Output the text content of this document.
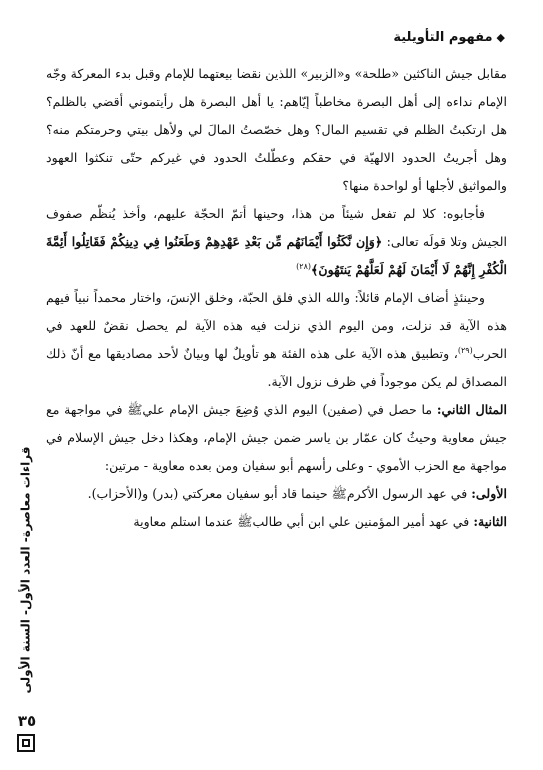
◆مفهوم التأويلية

مقابل جيش الناكثين «طلحة» و«الزبير» اللذين نقضا بيعتهما للإمام وقبل بدء المعركة وجّه الإمام نداءه إلى أهل البصرة مخاطباً إيّاهم: يا أهل البصرة هل رأيتموني أقضي بالظلم؟ هل ارتكبتُ الظلم في تقسيم المال؟ وهل خصّصتُ المالَ لي ولأهل بيتي وحرمتكم منه؟ وهل أجريتُ الحدود الالهيّة في حقكم وعطّلتُ الحدود في غيركم حتّى تنكثوا العهود والمواثيق لأجلها أو لواحدة منها؟

فأجابوه: كلا لم تفعل شيئاً من هذا، وحينها أتمّ الحجّة عليهم، وأخذ يُنظّم صفوف الجيش وتلا قولَه تعالى: ﴿وَإِن نَّكَثُوا أَيْمَانَهُم مِّن بَعْدِ عَهْدِهِمْ وَطَعَنُوا فِي دِينِكُمْ فَقَاتِلُوا أَئِمَّةَ الْكُفْرِ إِنَّهُمْ لَا أَيْمَانَ لَهُمْ لَعَلَّهُمْ يَنتَهُونَ﴾$^{(٢٨)}$

وحينئذٍ أضاف الإمام قائلاً: والله الذي فلق الحبّة، وخلق الإنسَ، واختار محمداً نبياً فيهم هذه الآية قد نزلت، ومن اليوم الذي نزلت فيه هذه الآية لم يحصل نقضٌ للعهد في الحرب$^{(٢٩)}$، وتطبيق هذه الآية على هذه الفئة هو تأويلٌ لها وبيانٌ لأحد مصاديقها مع أنّ ذلك المصداق لم يكن موجوداً في ظرف نزول الآية.

المثال الثاني: ما حصل في (صفين) اليوم الذي وُضِعَ جيش الإمام عليﷺ في مواجهة مع جيش معاوية وحيثُ كان عمّار بن ياسر ضمن جيش الإمام، وهكذا دخل جيش الإسلام في مواجهة مع الحزب الأموي - وعلى رأسهم أبو سفيان ومن بعده معاوية - مرتين:

الأولى: في عهد الرسول الأكرمﷺ حينما قاد أبو سفيان معركتي (بدر) و(الأحزاب).

الثانية: في عهد أمير المؤمنين علي ابن أبي طالبﷺ عندما استلم معاوية

قراءات معاصرة- العدد الأول- السنة الأولى
٣٥
